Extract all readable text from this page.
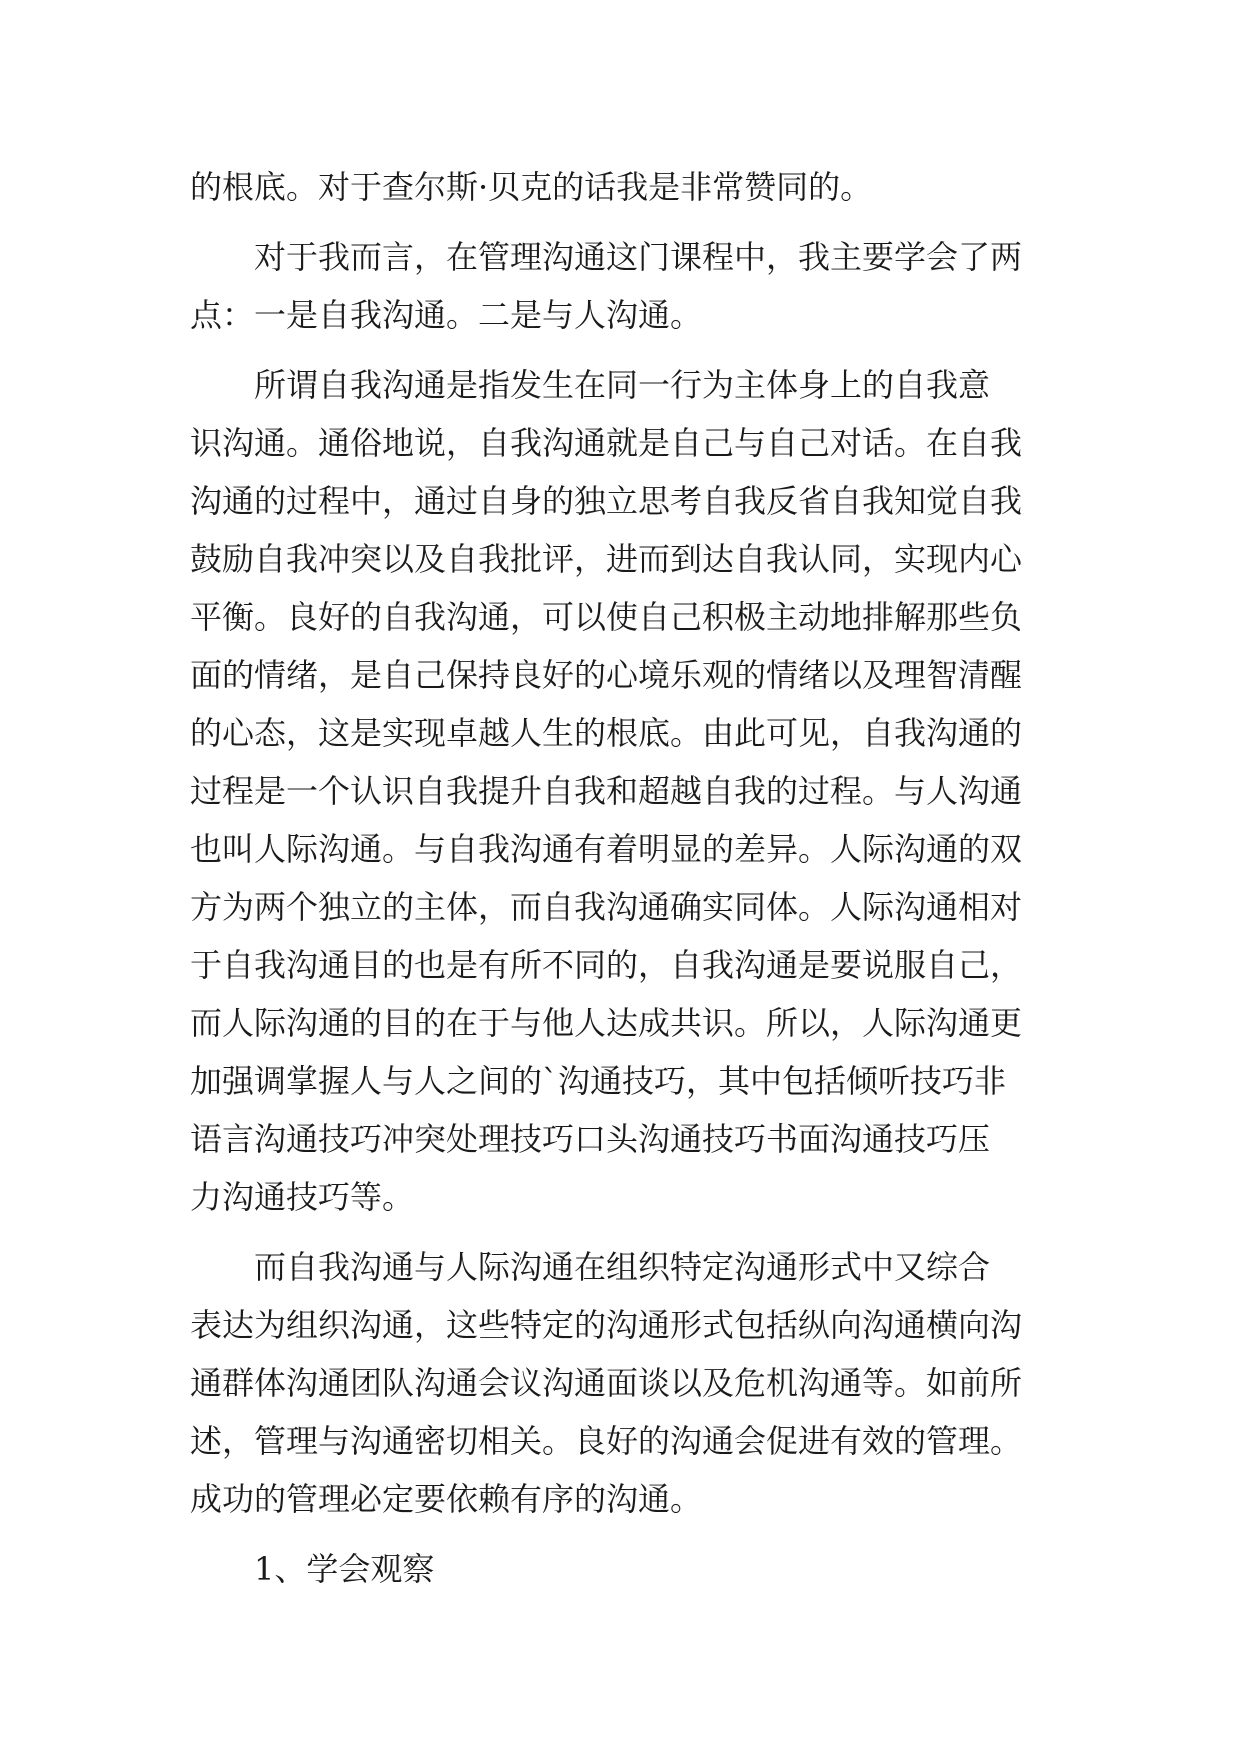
的根底。对于查尔斯·贝克的话我是非常赞同的。
对于我而言，在管理沟通这门课程中，我主要学会了两
点：一是自我沟通。二是与人沟通。
所谓自我沟通是指发生在同一行为主体身上的自我意
识沟通。通俗地说，自我沟通就是自己与自己对话。在自我
沟通的过程中，通过自身的独立思考自我反省自我知觉自我
鼓励自我冲突以及自我批评，进而到达自我认同，实现内心
平衡。良好的自我沟通，可以使自己积极主动地排解那些负
面的情绪，是自己保持良好的心境乐观的情绪以及理智清醒
的心态，这是实现卓越人生的根底。由此可见，自我沟通的
过程是一个认识自我提升自我和超越自我的过程。与人沟通
也叫人际沟通。与自我沟通有着明显的差异。人际沟通的双
方为两个独立的主体，而自我沟通确实同体。人际沟通相对
于自我沟通目的也是有所不同的，自我沟通是要说服自己，
而人际沟通的目的在于与他人达成共识。所以，人际沟通更
加强调掌握人与人之间的`沟通技巧，其中包括倾听技巧非
语言沟通技巧冲突处理技巧口头沟通技巧书面沟通技巧压
力沟通技巧等。
而自我沟通与人际沟通在组织特定沟通形式中又综合
表达为组织沟通，这些特定的沟通形式包括纵向沟通横向沟
通群体沟通团队沟通会议沟通面谈以及危机沟通等。如前所
述，管理与沟通密切相关。良好的沟通会促进有效的管理。
成功的管理必定要依赖有序的沟通。
1、学会观察
